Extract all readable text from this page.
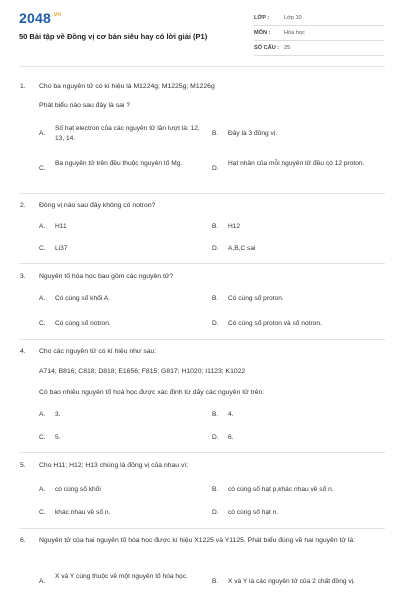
$2048^{.vn}$
50 Bài tập về Đồng vị cơ bản siêu hay có lời giải (P1)
LỚP :	Lớp 10
MÔN : Hóa học
SỐ CÂU : 25
1. Cho ba nguyên tử có kí hiệu là M1224g; M1225g; M1226g
Phát biểu nào sau đây là sai ?
A.
Số hạt electron của các nguyên tử lần lượt là: 12, 13, 14.
B. Đây là 3 đồng vị.
C.
Ba nguyên tử trên đều thuộc nguyên tố Mg.
D.
Hạt nhân của mỗi nguyên tử đều có 12 proton.
2. Đồng vị nào sau đây không có notron?
A. H11	B. H12
C. Li37	D. A,B,C sai
3. Nguyên tố hóa học bao gồm các nguyên tử?
A. Có cùng số khối A.	B. Có cùng số proton.
C. Có cùng số notron.	D. Có cùng số proton và số notron.
4. Cho các nguyên tử có kí hiệu như sau:
A714; B816; C818; D818; E1656; F815; G817; H1020; I1123; K1022
Có bao nhiêu nguyên tố hoá học được xác định từ dãy các nguyên tử trên:
A. 3.	B. 4.
C. 5.	D. 6.
5. Cho H11; H12; H13 chúng là đồng vị của nhau vì:
A. có cùng số khối	B. có cùng số hạt p,khác nhau về số n.
C. khác nhau về số n.	D. có cùng số hạt n.
6. Nguyên tử của hai nguyên tố hóa học được kí hiệu X1225 và Y1125. Phát biểu đúng về hai nguyên tử là:
A.
X và Y cùng thuộc về một nguyên tố hóa học.
B. X và Y là các nguyên tử của 2 chất đồng vị.
